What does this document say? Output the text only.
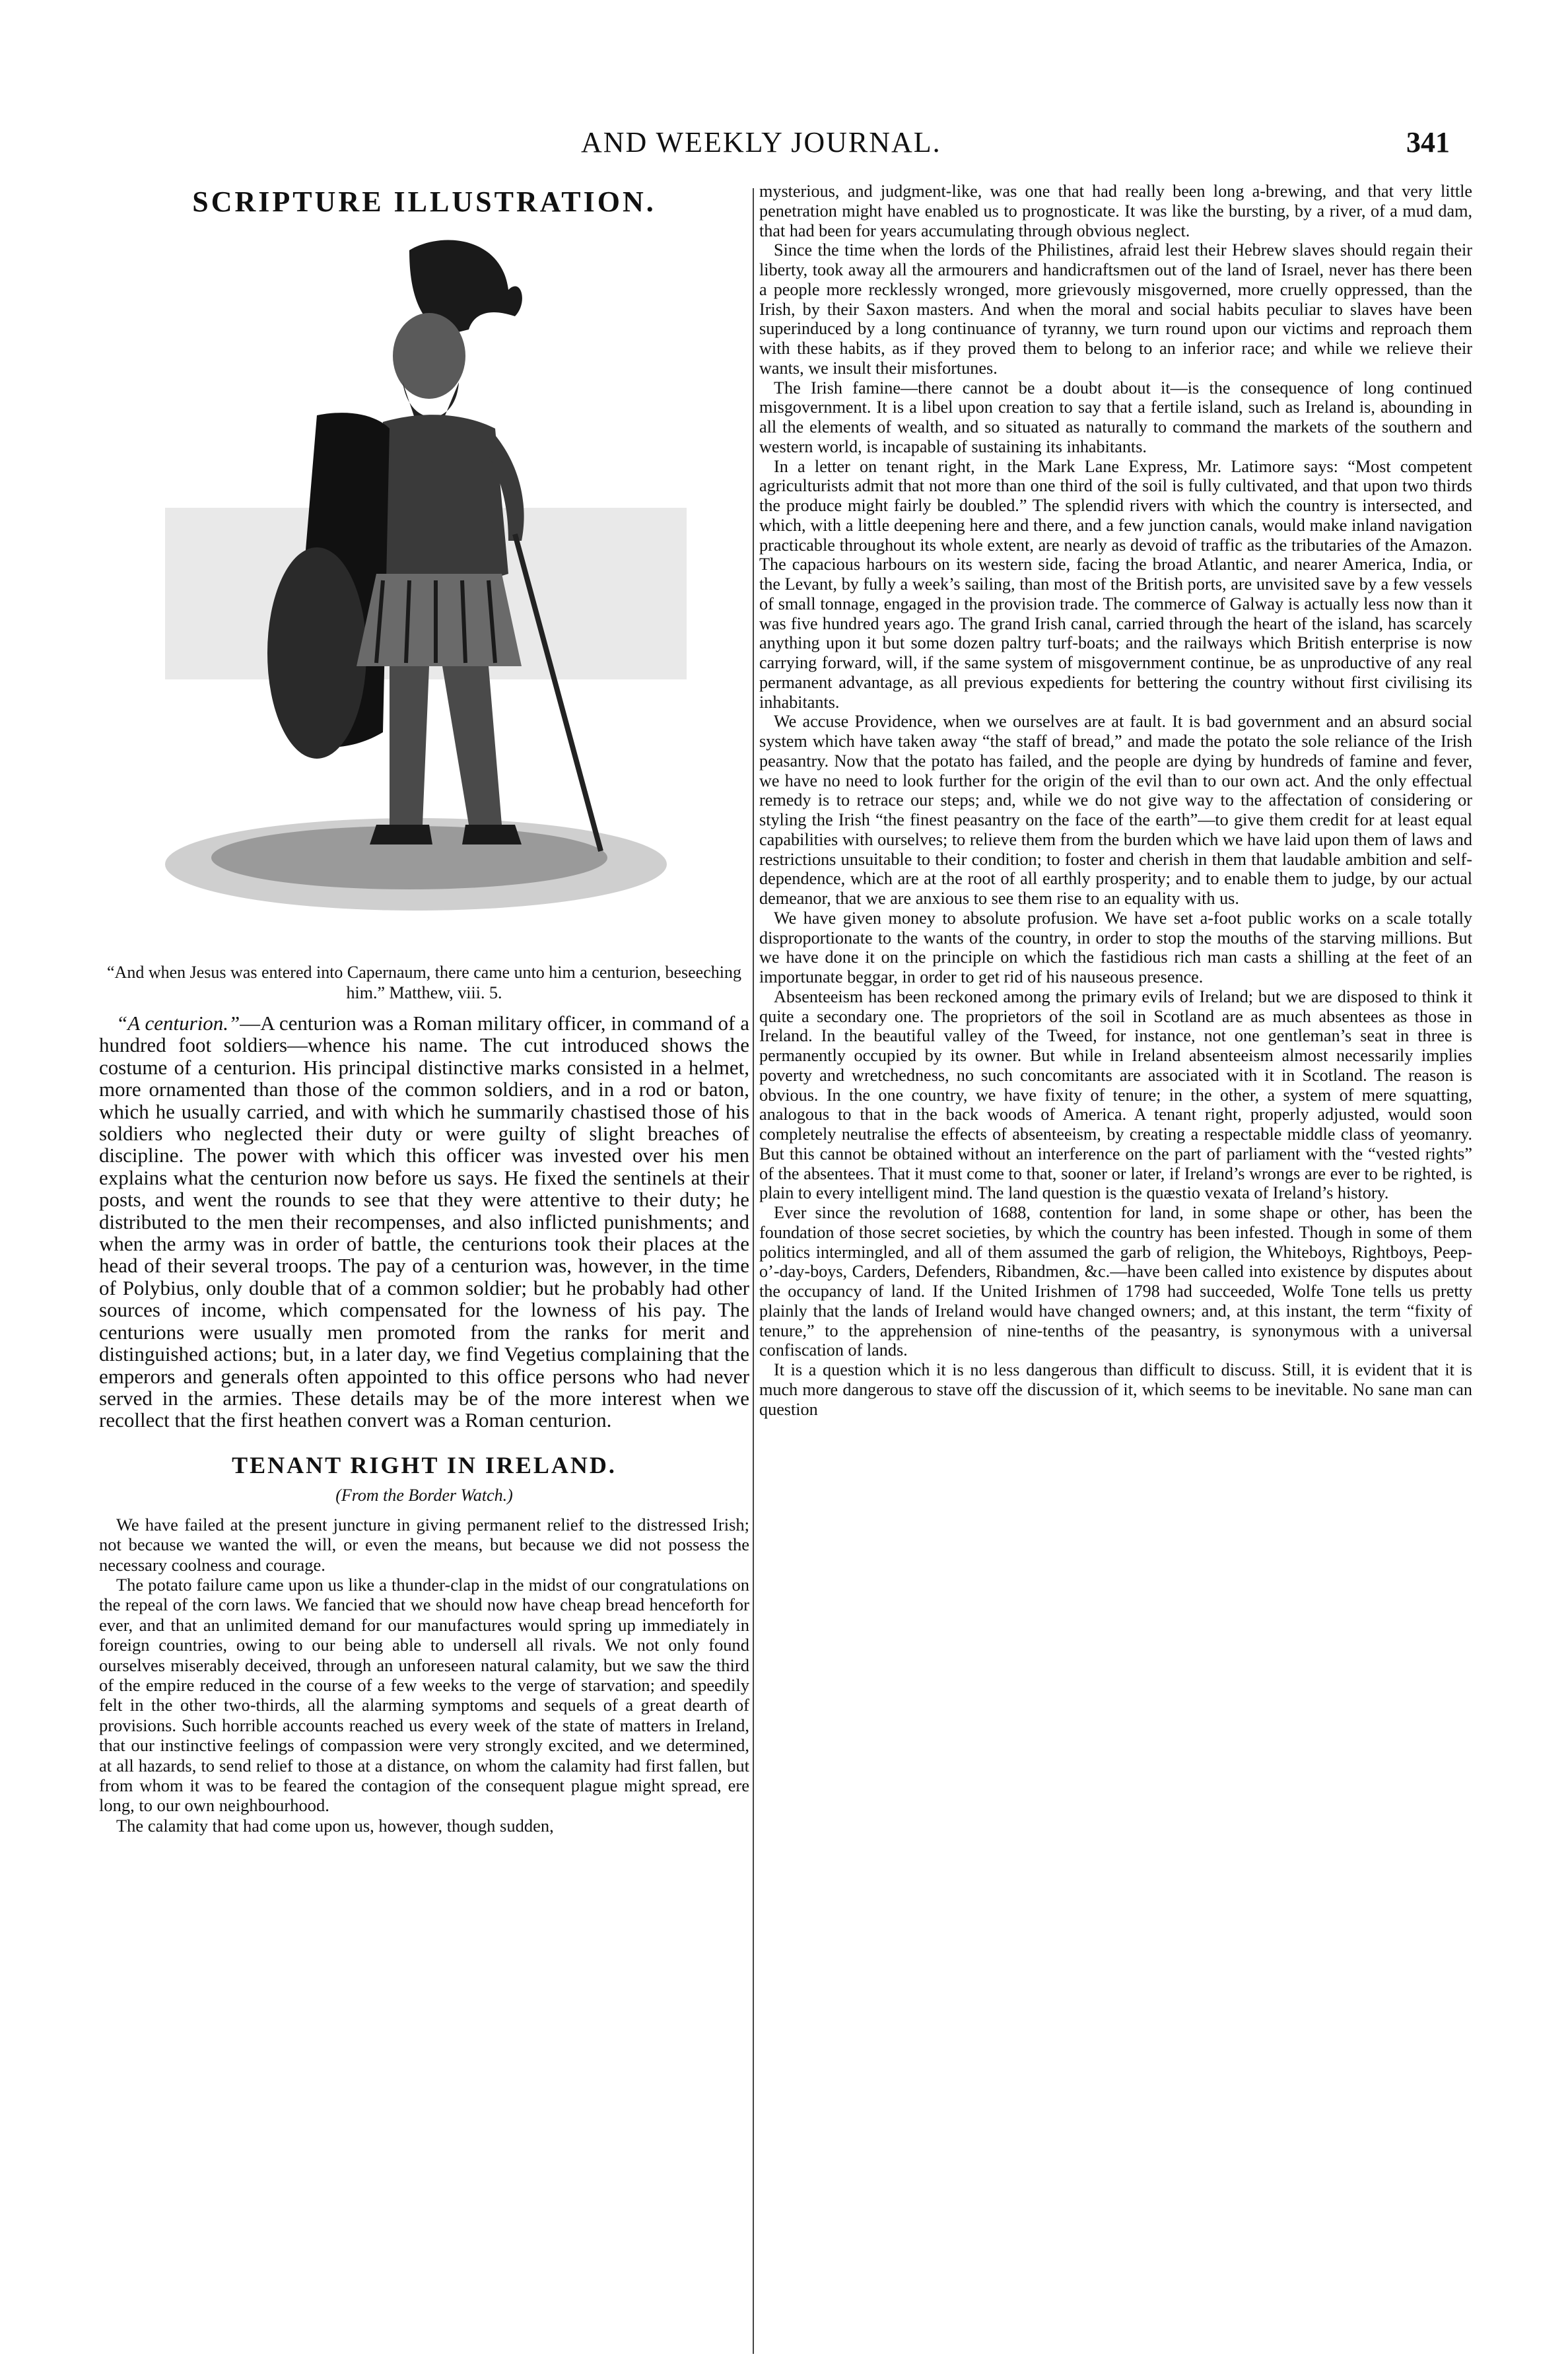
AND WEEKLY JOURNAL.	341
SCRIPTURE ILLUSTRATION.
“And when Jesus was entered into Capernaum, there came unto him a centurion, beseeching him.” Matthew, viii. 5.

“A centurion.”—A centurion was a Roman military officer, in command of a hundred foot soldiers—whence his name. The cut introduced shows the costume of a centurion. His principal distinctive marks consisted in a helmet, more ornamented than those of the common soldiers, and in a rod or baton, which he usually carried, and with which he summarily chastised those of his soldiers who neglected their duty or were guilty of slight breaches of discipline. The power with which this officer was invested over his men explains what the centurion now before us says. He fixed the sentinels at their posts, and went the rounds to see that they were attentive to their duty; he distributed to the men their recompenses, and also inflicted punishments; and when the army was in order of battle, the centurions took their places at the head of their several troops. The pay of a centurion was, however, in the time of Polybius, only double that of a common soldier; but he probably had other sources of income, which compensated for the lowness of his pay. The centurions were usually men promoted from the ranks for merit and distinguished actions; but, in a later day, we find Vegetius complaining that the emperors and generals often appointed to this office persons who had never served in the armies. These details may be of the more interest when we recollect that the first heathen convert was a Roman centurion.

TENANT RIGHT IN IRELAND.
(From the Border Watch.)

We have failed at the present juncture in giving permanent relief to the distressed Irish; not because we wanted the will, or even the means, but because we did not possess the necessary coolness and courage.

The potato failure came upon us like a thunder-clap in the midst of our congratulations on the repeal of the corn laws. We fancied that we should now have cheap bread henceforth for ever, and that an unlimited demand for our manufactures would spring up immediately in foreign countries, owing to our being able to undersell all rivals. We not only found ourselves miserably deceived, through an unforeseen natural calamity, but we saw the third of the empire reduced in the course of a few weeks to the verge of starvation; and speedily felt in the other two-thirds, all the alarming symptoms and sequels of a great dearth of provisions. Such horrible accounts reached us every week of the state of matters in Ireland, that our instinctive feelings of compassion were very strongly excited, and we determined, at all hazards, to send relief to those at a distance, on whom the calamity had first fallen, but from whom it was to be feared the contagion of the consequent plague might spread, ere long, to our own neighbourhood.

The calamity that had come upon us, however, though sudden,

mysterious, and judgment-like, was one that had really been long a-brewing, and that very little penetration might have enabled us to prognosticate. It was like the bursting, by a river, of a mud dam, that had been for years accumulating through obvious neglect.

Since the time when the lords of the Philistines, afraid lest their Hebrew slaves should regain their liberty, took away all the armourers and handicraftsmen out of the land of Israel, never has there been a people more recklessly wronged, more grievously misgoverned, more cruelly oppressed, than the Irish, by their Saxon masters. And when the moral and social habits peculiar to slaves have been superinduced by a long continuance of tyranny, we turn round upon our victims and reproach them with these habits, as if they proved them to belong to an inferior race; and while we relieve their wants, we insult their misfortunes.

The Irish famine—there cannot be a doubt about it—is the consequence of long continued misgovernment. It is a libel upon creation to say that a fertile island, such as Ireland is, abounding in all the elements of wealth, and so situated as naturally to command the markets of the southern and western world, is incapable of sustaining its inhabitants.

In a letter on tenant right, in the Mark Lane Express, Mr. Latimore says: “Most competent agriculturists admit that not more than one third of the soil is fully cultivated, and that upon two thirds the produce might fairly be doubled.” The splendid rivers with which the country is intersected, and which, with a little deepening here and there, and a few junction canals, would make inland navigation practicable throughout its whole extent, are nearly as devoid of traffic as the tributaries of the Amazon. The capacious harbours on its western side, facing the broad Atlantic, and nearer America, India, or the Levant, by fully a week’s sailing, than most of the British ports, are unvisited save by a few vessels of small tonnage, engaged in the provision trade. The commerce of Galway is actually less now than it was five hundred years ago. The grand Irish canal, carried through the heart of the island, has scarcely anything upon it but some dozen paltry turf-boats; and the railways which British enterprise is now carrying forward, will, if the same system of misgovernment continue, be as unproductive of any real permanent advantage, as all previous expedients for bettering the country without first civilising its inhabitants.

We accuse Providence, when we ourselves are at fault. It is bad government and an absurd social system which have taken away “the staff of bread,” and made the potato the sole reliance of the Irish peasantry. Now that the potato has failed, and the people are dying by hundreds of famine and fever, we have no need to look further for the origin of the evil than to our own act. And the only effectual remedy is to retrace our steps; and, while we do not give way to the affectation of considering or styling the Irish “the finest peasantry on the face of the earth”—to give them credit for at least equal capabilities with ourselves; to relieve them from the burden which we have laid upon them of laws and restrictions unsuitable to their condition; to foster and cherish in them that laudable ambition and self-dependence, which are at the root of all earthly prosperity; and to enable them to judge, by our actual demeanor, that we are anxious to see them rise to an equality with us.

We have given money to absolute profusion. We have set a-foot public works on a scale totally disproportionate to the wants of the country, in order to stop the mouths of the starving millions. But we have done it on the principle on which the fastidious rich man casts a shilling at the feet of an importunate beggar, in order to get rid of his nauseous presence.

Absenteeism has been reckoned among the primary evils of Ireland; but we are disposed to think it quite a secondary one. The proprietors of the soil in Scotland are as much absentees as those in Ireland. In the beautiful valley of the Tweed, for instance, not one gentleman’s seat in three is permanently occupied by its owner. But while in Ireland absenteeism almost necessarily implies poverty and wretchedness, no such concomitants are associated with it in Scotland. The reason is obvious. In the one country, we have fixity of tenure; in the other, a system of mere squatting, analogous to that in the back woods of America. A tenant right, properly adjusted, would soon completely neutralise the effects of absenteeism, by creating a respectable middle class of yeomanry. But this cannot be obtained without an interference on the part of parliament with the “vested rights” of the absentees. That it must come to that, sooner or later, if Ireland’s wrongs are ever to be righted, is plain to every intelligent mind. The land question is the quæstio vexata of Ireland’s history.

Ever since the revolution of 1688, contention for land, in some shape or other, has been the foundation of those secret societies, by which the country has been infested. Though in some of them politics intermingled, and all of them assumed the garb of religion, the Whiteboys, Rightboys, Peep-o’-day-boys, Carders, Defenders, Ribandmen, &c.—have been called into existence by disputes about the occupancy of land. If the United Irishmen of 1798 had succeeded, Wolfe Tone tells us pretty plainly that the lands of Ireland would have changed owners; and, at this instant, the term “fixity of tenure,” to the apprehension of nine-tenths of the peasantry, is synonymous with a universal confiscation of lands.

It is a question which it is no less dangerous than difficult to discuss. Still, it is evident that it is much more dangerous to stave off the discussion of it, which seems to be inevitable. No sane man can question
